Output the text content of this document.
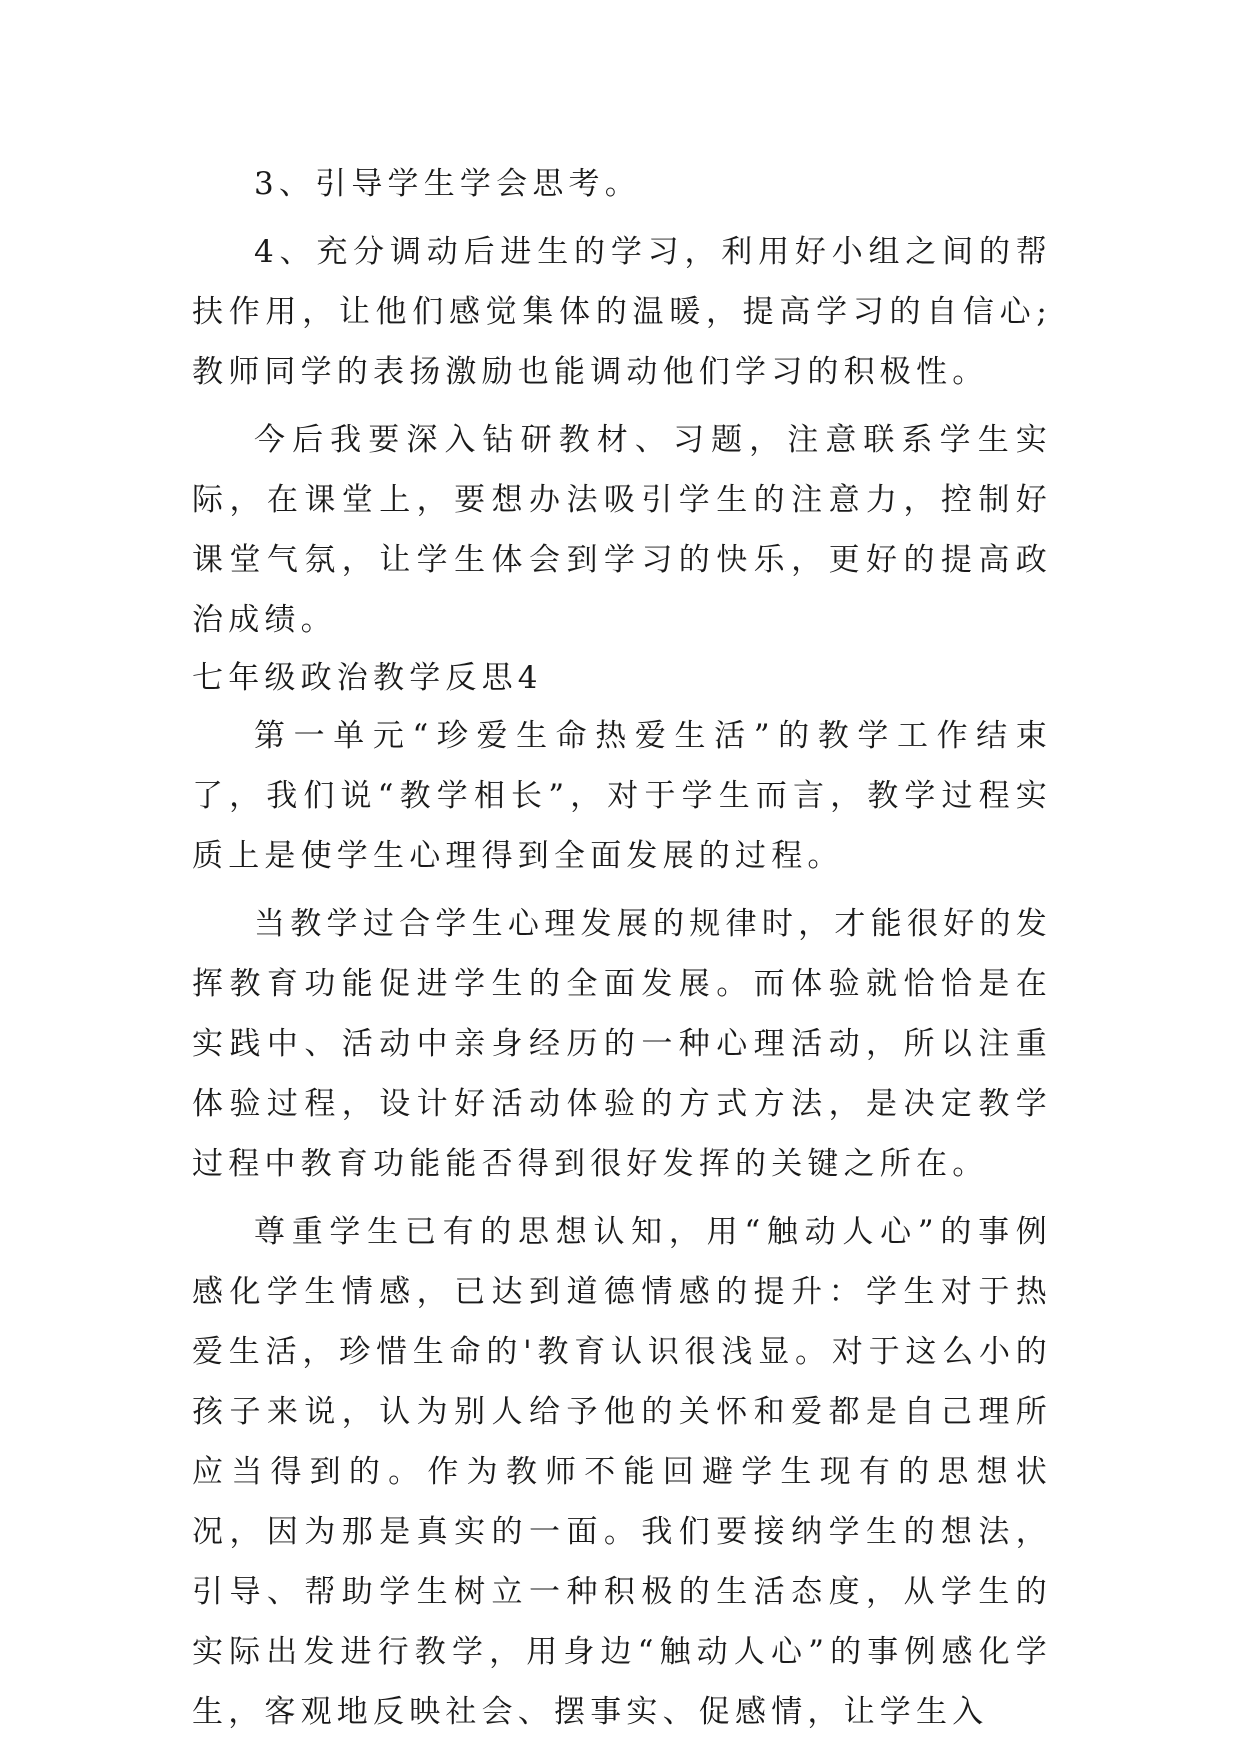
3、引导学生学会思考。

4、充分调动后进生的学习，利用好小组之间的帮扶作用，让他们感觉集体的温暖，提高学习的自信心;教师同学的表扬激励也能调动他们学习的积极性。

今后我要深入钻研教材、习题，注意联系学生实际，在课堂上，要想办法吸引学生的注意力，控制好课堂气氛，让学生体会到学习的快乐，更好的提高政治成绩。

七年级政治教学反思4

第一单元“珍爱生命热爱生活”的教学工作结束了，我们说“教学相长”，对于学生而言，教学过程实质上是使学生心理得到全面发展的过程。

当教学过合学生心理发展的规律时，才能很好的发挥教育功能促进学生的全面发展。而体验就恰恰是在实践中、活动中亲身经历的一种心理活动，所以注重体验过程，设计好活动体验的方式方法，是决定教学过程中教育功能能否得到很好发挥的关键之所在。

尊重学生已有的思想认知，用“触动人心”的事例感化学生情感，已达到道德情感的提升：学生对于热爱生活，珍惜生命的'教育认识很浅显。对于这么小的孩子来说，认为别人给予他的关怀和爱都是自己理所应当得到的。作为教师不能回避学生现有的思想状况，因为那是真实的一面。我们要接纳学生的想法，引导、帮助学生树立一种积极的生活态度，从学生的实际出发进行教学，用身边“触动人心”的事例感化学生，客观地反映社会、摆事实、促感情，让学生入
